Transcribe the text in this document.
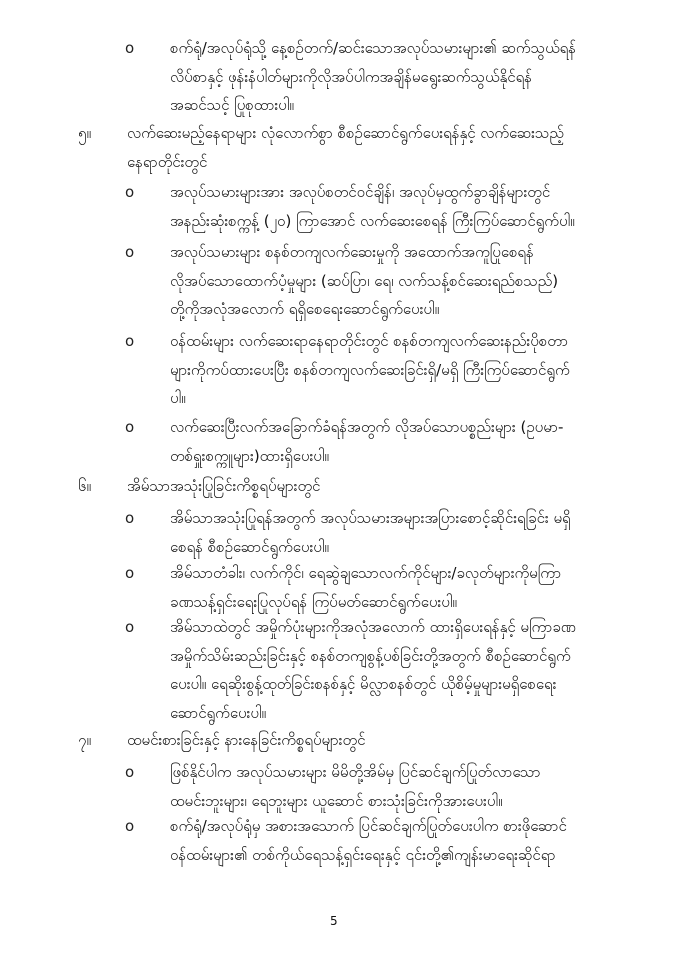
5
o စက်ရုံ/အလုပ်ရုံသို့ နေ့စဉ်တက်/ဆင်းသောအလုပ်သမားများ၏ ဆက်သွယ်ရန်
လိပ်စာနှင့် ဖုန်းနံပါတ်များကိုလိုအပ်ပါကအချိန်မရွေးဆက်သွယ်နိုင်ရန်
အဆင်သင့် ပြုစုထားပါ။
၅။ လက်ဆေးမည့်နေရာများ လုံလောက်စွာ စီစဉ်ဆောင်ရွက်ပေးရန်နှင့် လက်ဆေးသည့်
နေရာတိုင်းတွင်
o အလုပ်သမားများအား အလုပ်စတင်ဝင်ချိန်၊ အလုပ်မှထွက်ခွာချိန်များတွင်
အနည်းဆုံးစက္ကန့် (၂၀) ကြာအောင် လက်ဆေးစေရန် ကြီးကြပ်ဆောင်ရွက်ပါ။
o အလုပ်သမားများ စနစ်တကျလက်ဆေးမှုကို အထောက်အကူပြုစေရန်
လိုအပ်သောထောက်ပံ့မှုများ (ဆပ်ပြာ၊ ရေ၊ လက်သန့်စင်ဆေးရည်စသည်)
တို့ကိုအလုံအလောက် ရရှိစေရေးဆောင်ရွက်ပေးပါ။
o ဝန်ထမ်းများ လက်ဆေးရာနေရာတိုင်းတွင် စနစ်တကျလက်ဆေးနည်းပိုစတာ
များကိုကပ်ထားပေးပြီး စနစ်တကျလက်ဆေးခြင်းရှိ/မရှိ ကြီးကြပ်ဆောင်ရွက်
ပါ။
o လက်ဆေးပြီးလက်အခြောက်ခံရန်အတွက် လိုအပ်သောပစ္စည်းများ (ဥပမာ-
တစ်ရှူးစက္ကူများ)ထားရှိပေးပါ။
၆။ အိမ်သာအသုံးပြုခြင်းကိစ္စရပ်များတွင်
o အိမ်သာအသုံးပြုရန်အတွက် အလုပ်သမားအများအပြားစောင့်ဆိုင်းရခြင်း မရှိ
စေရန် စီစဉ်ဆောင်ရွက်ပေးပါ။
o အိမ်သာတံခါး၊ လက်ကိုင်၊ ရေဆွဲချသောလက်ကိုင်များ/ခလုတ်များကိုမကြာ
ခဏသန့်ရှင်းရေးပြုလုပ်ရန် ကြပ်မတ်ဆောင်ရွက်ပေးပါ။
o အိမ်သာထဲတွင် အမှိုက်ပုံးများကိုအလုံအလောက် ထားရှိပေးရန်နှင့် မကြာခဏ
အမှိုက်သိမ်းဆည်းခြင်းနှင့် စနစ်တကျစွန့်ပစ်ခြင်းတို့အတွက် စီစဉ်ဆောင်ရွက်
ပေးပါ။ ရေဆိုးစွန့်ထုတ်ခြင်းစနစ်နှင့် မိလ္လာစနစ်တွင် ယိုစိမ့်မှုများမရှိစေရေး
ဆောင်ရွက်ပေးပါ။
၇။ ထမင်းစားခြင်းနှင့် နားနေခြင်းကိစ္စရပ်များတွင်
o ဖြစ်နိုင်ပါက အလုပ်သမားများ မိမိတို့အိမ်မှ ပြင်ဆင်ချက်ပြုတ်လာသော
ထမင်းဘူးများ၊ ရေဘူးများ ယူဆောင် စားသုံးခြင်းကိုအားပေးပါ။
o စက်ရုံ/အလုပ်ရုံမှ အစားအသောက် ပြင်ဆင်ချက်ပြုတ်ပေးပါက စားဖိုဆောင်
ဝန်ထမ်းများ၏ တစ်ကိုယ်ရေသန့်ရှင်းရေးနှင့် ၎င်းတို့၏ကျန်းမာရေးဆိုင်ရာ
